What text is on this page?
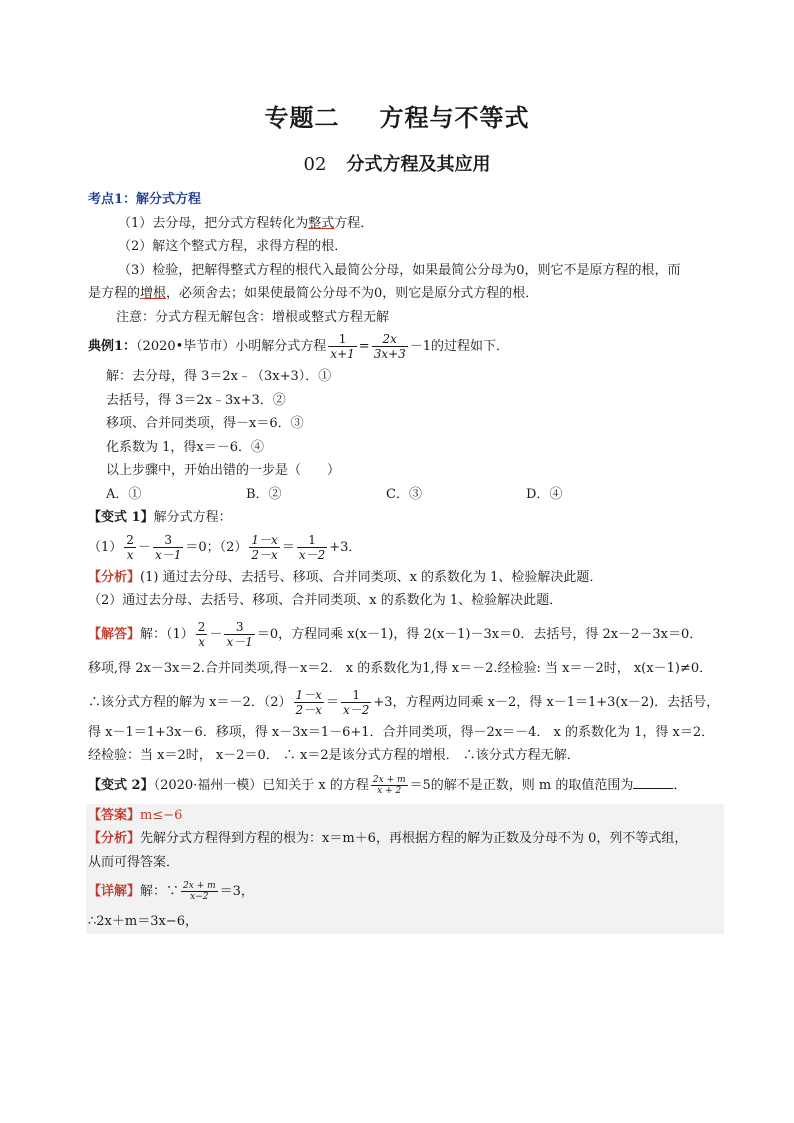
专题二 方程与不等式
02 分式方程及其应用
考点1：解分式方程
（1）去分母，把分式方程转化为整式方程．
（2）解这个整式方程，求得方程的根．
（3）检验，把解得整式方程的根代入最简公分母，如果最简公分母为0，则它不是原方程的根，而
是方程的增根，必须舍去；如果使最简公分母不为0，则它是原分式方程的根．
注意：分式方程无解包含：增根或整式方程无解
典例1：（2020•毕节市）小明解分式方程 $\frac{1}{x+1} = \frac{2x}{3x+3} -1$的过程如下．
解：去分母，得 3＝2x﹣（3x+3）．①
去括号，得 3＝2x﹣3x+3．②
移项、合并同类项，得－x＝6．③
化系数为 1，得x＝－6．④
以上步骤中，开始出错的一步是（　　）
A．①	B．②	C．③	D．④
【变式 1】解分式方程：
$(1) \frac{2}{x} - \frac{3}{x-1} =0$；$(2) \frac{1-x}{2-x} = \frac{1}{x-2} +3$．
【分析】(1) 通过去分母、去括号、移项、合并同类项、x 的系数化为 1、检验解决此题．
（2）通过去分母、去括号、移项、合并同类项、x 的系数化为 1、检验解决此题．
【解答】解：$(1) \frac{2}{x} - \frac{3}{x-1} =0$，方程同乘 x(x－1)，得 2(x－1)－3x＝0．去括号，得 2x－2－3x＝0．
移项,得 2x－3x＝2.合并同类项,得－x＝2． x 的系数化为1,得 x＝－2.经检验: 当 x＝－2时， x(x－1)≠0．
∴该分式方程的解为 x＝－2．$(2) \frac{1-x}{2-x} = \frac{1}{x-2} +3$，方程两边同乘 x－2，得 x－1＝1+3(x－2)．去括号，
得 x－1＝1+3x－6．移项，得 x－3x＝1－6+1．合并同类项，得－2x＝－4． x 的系数化为 1，得 x＝2．
经检验：当 x＝2时， x－2＝0． ∴ x＝2是该分式方程的增根． ∴该分式方程无解．
【变式 2】（2020·福州一模）已知关于 x 的方程 $\frac{2x + m}{x + 2} =5$的解不是正数，则 m 的取值范围为	．
【答案】m≤−6
【分析】先解分式方程得到方程的根为：x＝m＋6，再根据方程的解为正数及分母不为 0，列不等式组，
从而可得答案．
【详解】解：∵ $\frac{2x + m}{x-2} =3$，
∴2x＋m＝3x−6，
